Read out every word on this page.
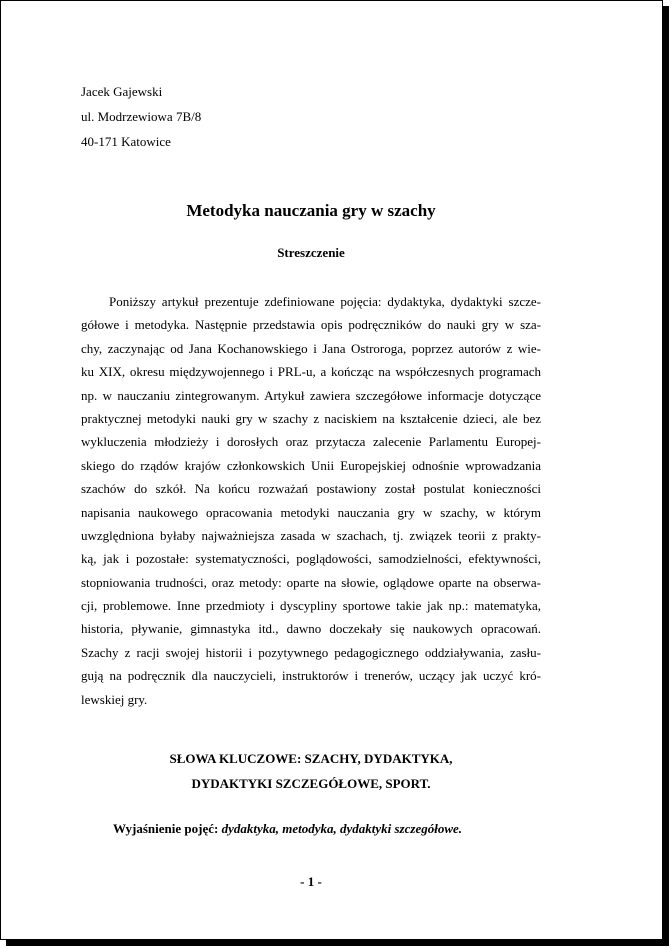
Jacek Gajewski
ul. Modrzewiowa 7B/8
40-171 Katowice
Metodyka nauczania gry w szachy
Streszczenie
Poniższy artykuł prezentuje zdefiniowane pojęcia: dydaktyka, dydaktyki szcze-
gółowe i metodyka. Następnie przedstawia opis podręczników do nauki gry w sza-
chy, zaczynając od Jana Kochanowskiego i Jana Ostroroga, poprzez autorów z wie-
ku XIX, okresu międzywojennego i PRL-u, a kończąc na współczesnych programach
np. w nauczaniu zintegrowanym. Artykuł zawiera szczegółowe informacje dotyczące
praktycznej metodyki nauki gry w szachy z naciskiem na kształcenie dzieci, ale bez
wykluczenia młodzieży i dorosłych oraz przytacza zalecenie Parlamentu Europej-
skiego do rządów krajów członkowskich Unii Europejskiej odnośnie wprowadzania
szachów do szkół. Na końcu rozważań postawiony został postulat konieczności
napisania naukowego opracowania metodyki nauczania gry w szachy, w którym
uwzględniona byłaby najważniejsza zasada w szachach, tj. związek teorii z prakty-
ką, jak i pozostałe: systematyczności, poglądowości, samodzielności, efektywności,
stopniowania trudności, oraz metody: oparte na słowie, oglądowe oparte na obserwa-
cji, problemowe. Inne przedmioty i dyscypliny sportowe takie jak np.: matematyka,
historia, pływanie, gimnastyka itd., dawno doczekały się naukowych opracowań.
Szachy z racji swojej historii i pozytywnego pedagogicznego oddziaływania, zasłu-
gują na podręcznik dla nauczycieli, instruktorów i trenerów, uczący jak uczyć kró-
lewskiej gry.
SŁOWA KLUCZOWE: SZACHY, DYDAKTYKA,
DYDAKTYKI SZCZEGÓŁOWE, SPORT.
Wyjaśnienie pojęć: dydaktyka, metodyka, dydaktyki szczegółowe.
- 1 -
